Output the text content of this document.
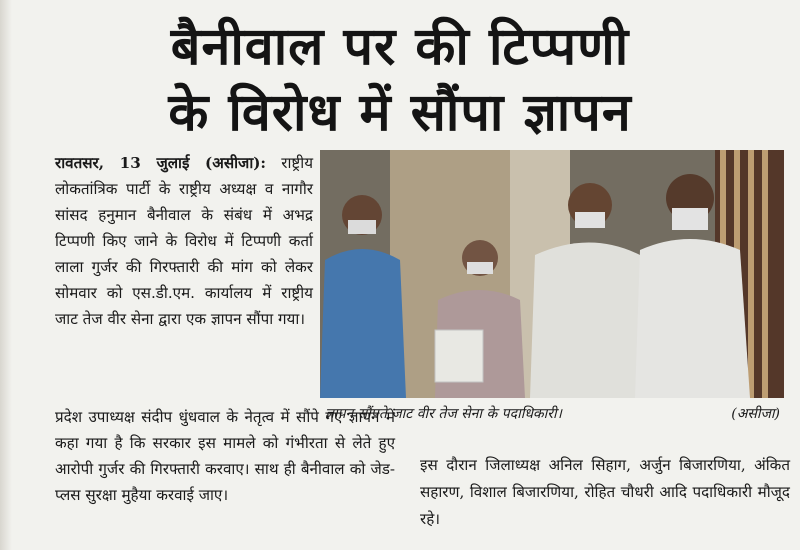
बैनीवाल पर की टिप्पणी
के विरोध में सौंपा ज्ञापन

रावतसर, 13 जुलाई (असीजा): राष्ट्रीय लोकतांत्रिक पार्टी के राष्ट्रीय अध्यक्ष व नागौर सांसद हनुमान बैनीवाल के संबंध में अभद्र टिप्पणी किए जाने के विरोध में टिप्पणी कर्ता लाला गुर्जर की गिरफ्तारी की मांग को लेकर सोमवार को एस.डी.एम. कार्यालय में राष्ट्रीय जाट तेज वीर सेना द्वारा एक ज्ञापन सौंपा गया।

ज्ञापन सौंपते जाट वीर तेज सेना के पदाधिकारी।	(असीजा)

प्रदेश उपाध्यक्ष संदीप धुंधवाल के नेतृत्व में सौंपे गए ज्ञापन में कहा गया है कि सरकार इस मामले को गंभीरता से लेते हुए आरोपी गुर्जर की गिरफ्तारी करवाए। साथ ही बैनीवाल को जेड-प्लस सुरक्षा मुहैया करवाई जाए।

इस दौरान जिलाध्यक्ष अनिल सिहाग, अर्जुन बिजारणिया, अंकित सहारण, विशाल बिजारणिया, रोहित चौधरी आदि पदाधिकारी मौजूद रहे।
